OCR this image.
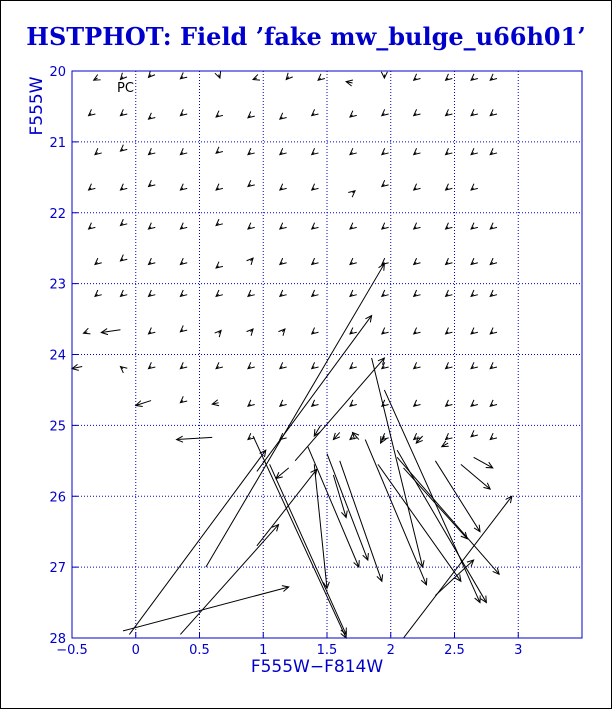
HSTPHOT: Field ’fake mw_bulge_u66h01’
−0.5	0	0.5	1	1.5	2	2.5	3
20
21
22
23
24
25
26
27
28
PC
F555W−F814W
F555W
